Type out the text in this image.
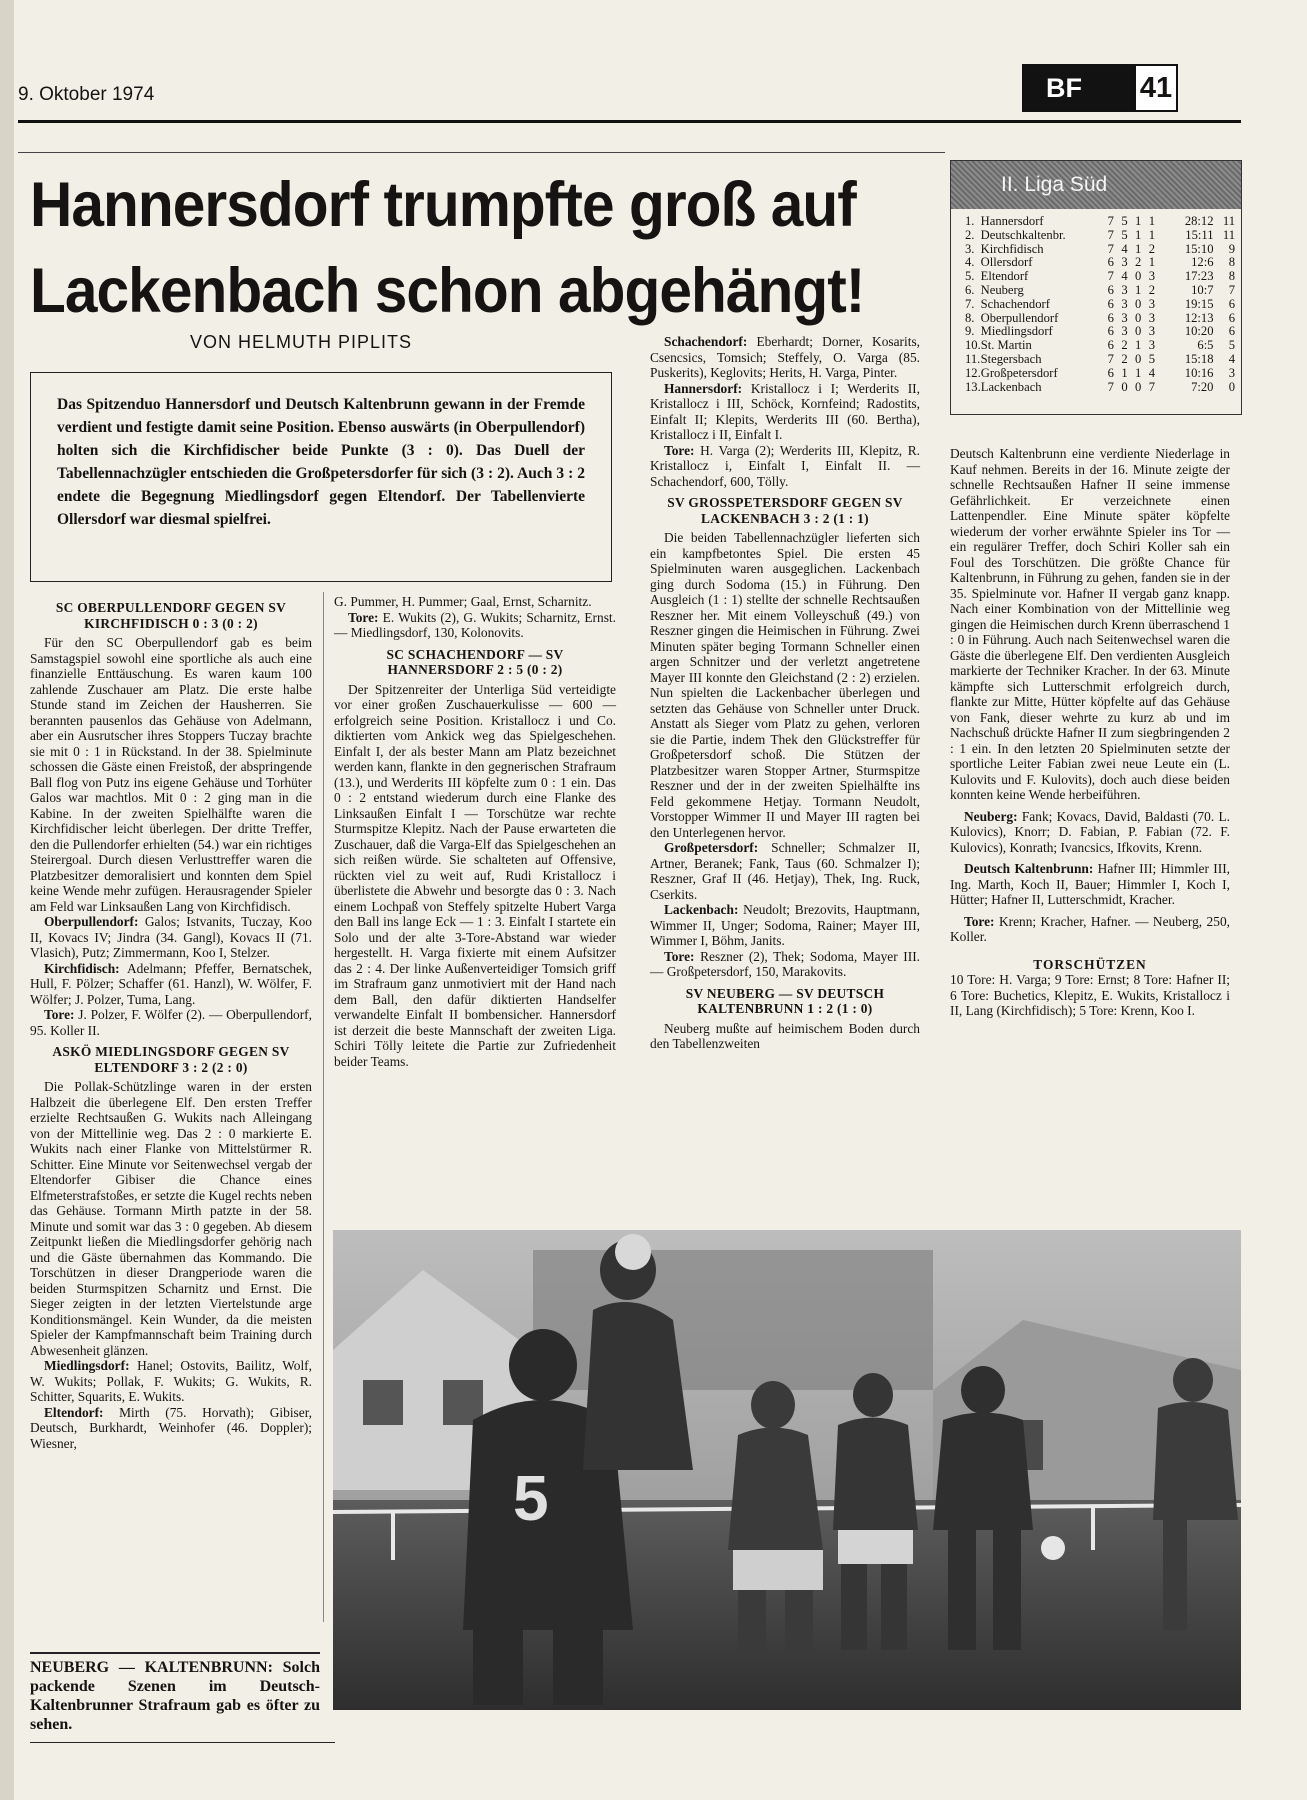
9. Oktober 1974	BF	41
Hannersdorf trumpfte groß auf
Lackenbach schon abgehängt!
VON HELMUTH PIPLITS
Das Spitzenduo Hannersdorf und Deutsch Kaltenbrunn gewann in der Fremde verdient und festigte damit seine Position. Ebenso auswärts (in Oberpullendorf) holten sich die Kirchfidischer beide Punkte (3 : 0). Das Duell der Tabellennachzügler entschieden die Großpetersdorfer für sich (3 : 2). Auch 3 : 2 endete die Begegnung Miedlingsdorf gegen Eltendorf. Der Tabellenvierte Ollersdorf war diesmal spielfrei.
II. Liga Süd
1. Hannersdorf	7 5 1 1	28:12 11
2. Deutschkaltenbr.	7 5 1 1	15:11 11
3. Kirchfidisch	7 4 1 2	15:10	9
4. Ollersdorf	6 3 2 1	12:6	8
5. Eltendorf	7 4 0 3	17:23	8
6. Neuberg	6 3 1 2	10:7	7
7. Schachendorf	6 3 0 3	19:15	6
8. Oberpullendorf	6 3 0 3	12:13	6
9. Miedlingsdorf	6 3 0 3	10:20	6
10. St. Martin	6 2 1 3	6:5	5
11. Stegersbach	7 2 0 5	15:18	4
12. Großpetersdorf	6 1 1 4	10:16	3
13. Lackenbach	7 0 0 7	7:20	0

SC OBERPULLENDORF GEGEN SV KIRCHFIDISCH 0 : 3 (0 : 2)

Für den SC Oberpullendorf gab es beim Samstagspiel sowohl eine sportliche als auch eine finanzielle Enttäuschung. Es waren kaum 100 zahlende Zuschauer am Platz. Die erste halbe Stunde stand im Zeichen der Hausherren. Sie berannten pausenlos das Gehäuse von Adelmann, aber ein Ausrutscher ihres Stoppers Tuczay brachte sie mit 0 : 1 in Rückstand. In der 38. Spielminute schossen die Gäste einen Freistoß, der abspringende Ball flog von Putz ins eigene Gehäuse und Torhüter Galos war machtlos. Mit 0 : 2 ging man in die Kabine. In der zweiten Spielhälfte waren die Kirchfidischer leicht überlegen. Der dritte Treffer, den die Pullendorfer erhielten (54.) war ein richtiges Steirergoal. Durch diesen Verlusttreffer waren die Platzbesitzer demoralisiert und konnten dem Spiel keine Wende mehr zufügen. Herausragender Spieler am Feld war Linksaußen Lang von Kirchfidisch.

Oberpullendorf: Galos; Istvanits, Tuczay, Koo II, Kovacs IV; Jindra (34. Gangl), Kovacs II (71. Vlasich), Putz; Zimmermann, Koo I, Stelzer.

Kirchfidisch: Adelmann; Pfeffer, Bernatschek, Hull, F. Pölzer; Schaffer (61. Hanzl), W. Wölfer, F. Wölfer; J. Polzer, Tuma, Lang.

Tore: J. Polzer, F. Wölfer (2). — Oberpullendorf, 95. Koller II.

ASKÖ MIEDLINGSDORF GEGEN SV ELTENDORF 3 : 2 (2 : 0)

Die Pollak-Schützlinge waren in der ersten Halbzeit die überlegene Elf. Den ersten Treffer erzielte Rechtsaußen G. Wukits nach Alleingang von der Mittellinie weg. Das 2 : 0 markierte E. Wukits nach einer Flanke von Mittelstürmer R. Schitter. Eine Minute vor Seitenwechsel vergab der Eltendorfer Gibiser die Chance eines Elfmeterstrafstoßes, er setzte die Kugel rechts neben das Gehäuse. Tormann Mirth patzte in der 58. Minute und somit war das 3 : 0 gegeben. Ab diesem Zeitpunkt ließen die Miedlingsdorfer gehörig nach und die Gäste übernahmen das Kommando. Die Torschützen in dieser Drangperiode waren die beiden Sturmspitzen Scharnitz und Ernst. Die Sieger zeigten in der letzten Viertelstunde arge Konditionsmängel. Kein Wunder, da die meisten Spieler der Kampfmannschaft beim Training durch Abwesenheit glänzen.

Miedlingsdorf: Hanel; Ostovits, Bailitz, Wolf, W. Wukits; Pollak, F. Wukits; G. Wukits, R. Schitter, Squarits, E. Wukits.

Eltendorf: Mirth (75. Horvath); Gibiser, Deutsch, Burkhardt, Weinhofer (46. Doppler); Wiesner,

G. Pummer, H. Pummer; Gaal, Ernst, Scharnitz.

Tore: E. Wukits (2), G. Wukits; Scharnitz, Ernst. — Miedlingsdorf, 130, Kolonovits.

SC SCHACHENDORF — SV HANNERSDORF 2 : 5 (0 : 2)

Der Spitzenreiter der Unterliga Süd verteidigte vor einer großen Zuschauerkulisse — 600 — erfolgreich seine Position. Kristallocz i und Co. diktierten vom Ankick weg das Spielgeschehen. Einfalt I, der als bester Mann am Platz bezeichnet werden kann, flankte in den gegnerischen Strafraum (13.), und Werderits III köpfelte zum 0 : 1 ein. Das 0 : 2 entstand wiederum durch eine Flanke des Linksaußen Einfalt I — Torschütze war rechte Sturmspitze Klepitz. Nach der Pause erwarteten die Zuschauer, daß die Varga-Elf das Spielgeschehen an sich reißen würde. Sie schalteten auf Offensive, rückten viel zu weit auf, Rudi Kristallocz i überlistete die Abwehr und besorgte das 0 : 3. Nach einem Lochpaß von Steffely spitzelte Hubert Varga den Ball ins lange Eck — 1 : 3. Einfalt I startete ein Solo und der alte 3-Tore-Abstand war wieder hergestellt. H. Varga fixierte mit einem Aufsitzer das 2 : 4. Der linke Außenverteidiger Tomsich griff im Strafraum ganz unmotiviert mit der Hand nach dem Ball, den dafür diktierten Handselfer verwandelte Einfalt II bombensicher. Hannersdorf ist derzeit die beste Mannschaft der zweiten Liga. Schiri Tölly leitete die Partie zur Zufriedenheit beider Teams.

Schachendorf: Eberhardt; Dorner, Kosarits, Csencsics, Tomsich; Steffely, O. Varga (85. Puskerits), Keglovits; Herits, H. Varga, Pinter.

Hannersdorf: Kristallocz i I; Werderits II, Kristallocz i III, Schöck, Kornfeind; Radostits, Einfalt II; Klepits, Werderits III (60. Bertha), Kristallocz i II, Einfalt I.

Tore: H. Varga (2); Werderits III, Klepitz, R. Kristallocz i, Einfalt I, Einfalt II. — Schachendorf, 600, Tölly.

SV GROSSPETERSDORF GEGEN SV LACKENBACH 3 : 2 (1 : 1)

Die beiden Tabellennachzügler lieferten sich ein kampfbetontes Spiel. Die ersten 45 Spielminuten waren ausgeglichen. Lackenbach ging durch Sodoma (15.) in Führung. Den Ausgleich (1 : 1) stellte der schnelle Rechtsaußen Reszner her. Mit einem Volleyschuß (49.) von Reszner gingen die Heimischen in Führung. Zwei Minuten später beging Tormann Schneller einen argen Schnitzer und der verletzt angetretene Mayer III konnte den Gleichstand (2 : 2) erzielen. Nun spielten die Lackenbacher überlegen und setzten das Gehäuse von Schneller unter Druck. Anstatt als Sieger vom Platz zu gehen, verloren sie die Partie, indem Thek den Glückstreffer für Großpetersdorf schoß. Die Stützen der Platzbesitzer waren Stopper Artner, Sturmspitze Reszner und der in der zweiten Spielhälfte ins Feld gekommene Hetjay. Tormann Neudolt, Vorstopper Wimmer II und Mayer III ragten bei den Unterlegenen hervor.

Großpetersdorf: Schneller; Schmalzer II, Artner, Beranek; Fank, Taus (60. Schmalzer I); Reszner, Graf II (46. Hetjay), Thek, Ing. Ruck, Cserkits.

Lackenbach: Neudolt; Brezovits, Hauptmann, Wimmer II, Unger; Sodoma, Rainer; Mayer III, Wimmer I, Böhm, Janits.

Tore: Reszner (2), Thek; Sodoma, Mayer III. — Großpetersdorf, 150, Marakovits.

SV NEUBERG — SV DEUTSCH KALTENBRUNN 1 : 2 (1 : 0)

Neuberg mußte auf heimischem Boden durch den Tabellenzweiten

Deutsch Kaltenbrunn eine verdiente Niederlage in Kauf nehmen. Bereits in der 16. Minute zeigte der schnelle Rechtsaußen Hafner II seine immense Gefährlichkeit. Er verzeichnete einen Lattenpendler. Eine Minute später köpfelte wiederum der vorher erwähnte Spieler ins Tor — ein regulärer Treffer, doch Schiri Koller sah ein Foul des Torschützen. Die größte Chance für Kaltenbrunn, in Führung zu gehen, fanden sie in der 35. Spielminute vor. Hafner II vergab ganz knapp. Nach einer Kombination von der Mittellinie weg gingen die Heimischen durch Krenn überraschend 1 : 0 in Führung. Auch nach Seitenwechsel waren die Gäste die überlegene Elf. Den verdienten Ausgleich markierte der Techniker Kracher. In der 63. Minute kämpfte sich Lutterschmit erfolgreich durch, flankte zur Mitte, Hütter köpfelte auf das Gehäuse von Fank, dieser wehrte zu kurz ab und im Nachschuß drückte Hafner II zum siegbringenden 2 : 1 ein. In den letzten 20 Spielminuten setzte der sportliche Leiter Fabian zwei neue Leute ein (L. Kulovits und F. Kulovits), doch auch diese beiden konnten keine Wende herbeiführen.

Neuberg: Fank; Kovacs, David, Baldasti (70. L. Kulovics), Knorr; D. Fabian, P. Fabian (72. F. Kulovics), Konrath; Ivancsics, Ifkovits, Krenn.

Deutsch Kaltenbrunn: Hafner III; Himmler III, Ing. Marth, Koch II, Bauer; Himmler I, Koch I, Hütter; Hafner II, Lutterschmidt, Kracher.

Tore: Krenn; Kracher, Hafner. — Neuberg, 250, Koller.

TORSCHÜTZEN

10 Tore: H. Varga; 9 Tore: Ernst; 8 Tore: Hafner II; 6 Tore: Buchetics, Klepitz, E. Wukits, Kristallocz i II, Lang (Kirchfidisch); 5 Tore: Krenn, Koo I.

5
NEUBERG — KALTENBRUNN: Solch packende Szenen im Deutsch-Kaltenbrunner Strafraum gab es öfter zu sehen.
